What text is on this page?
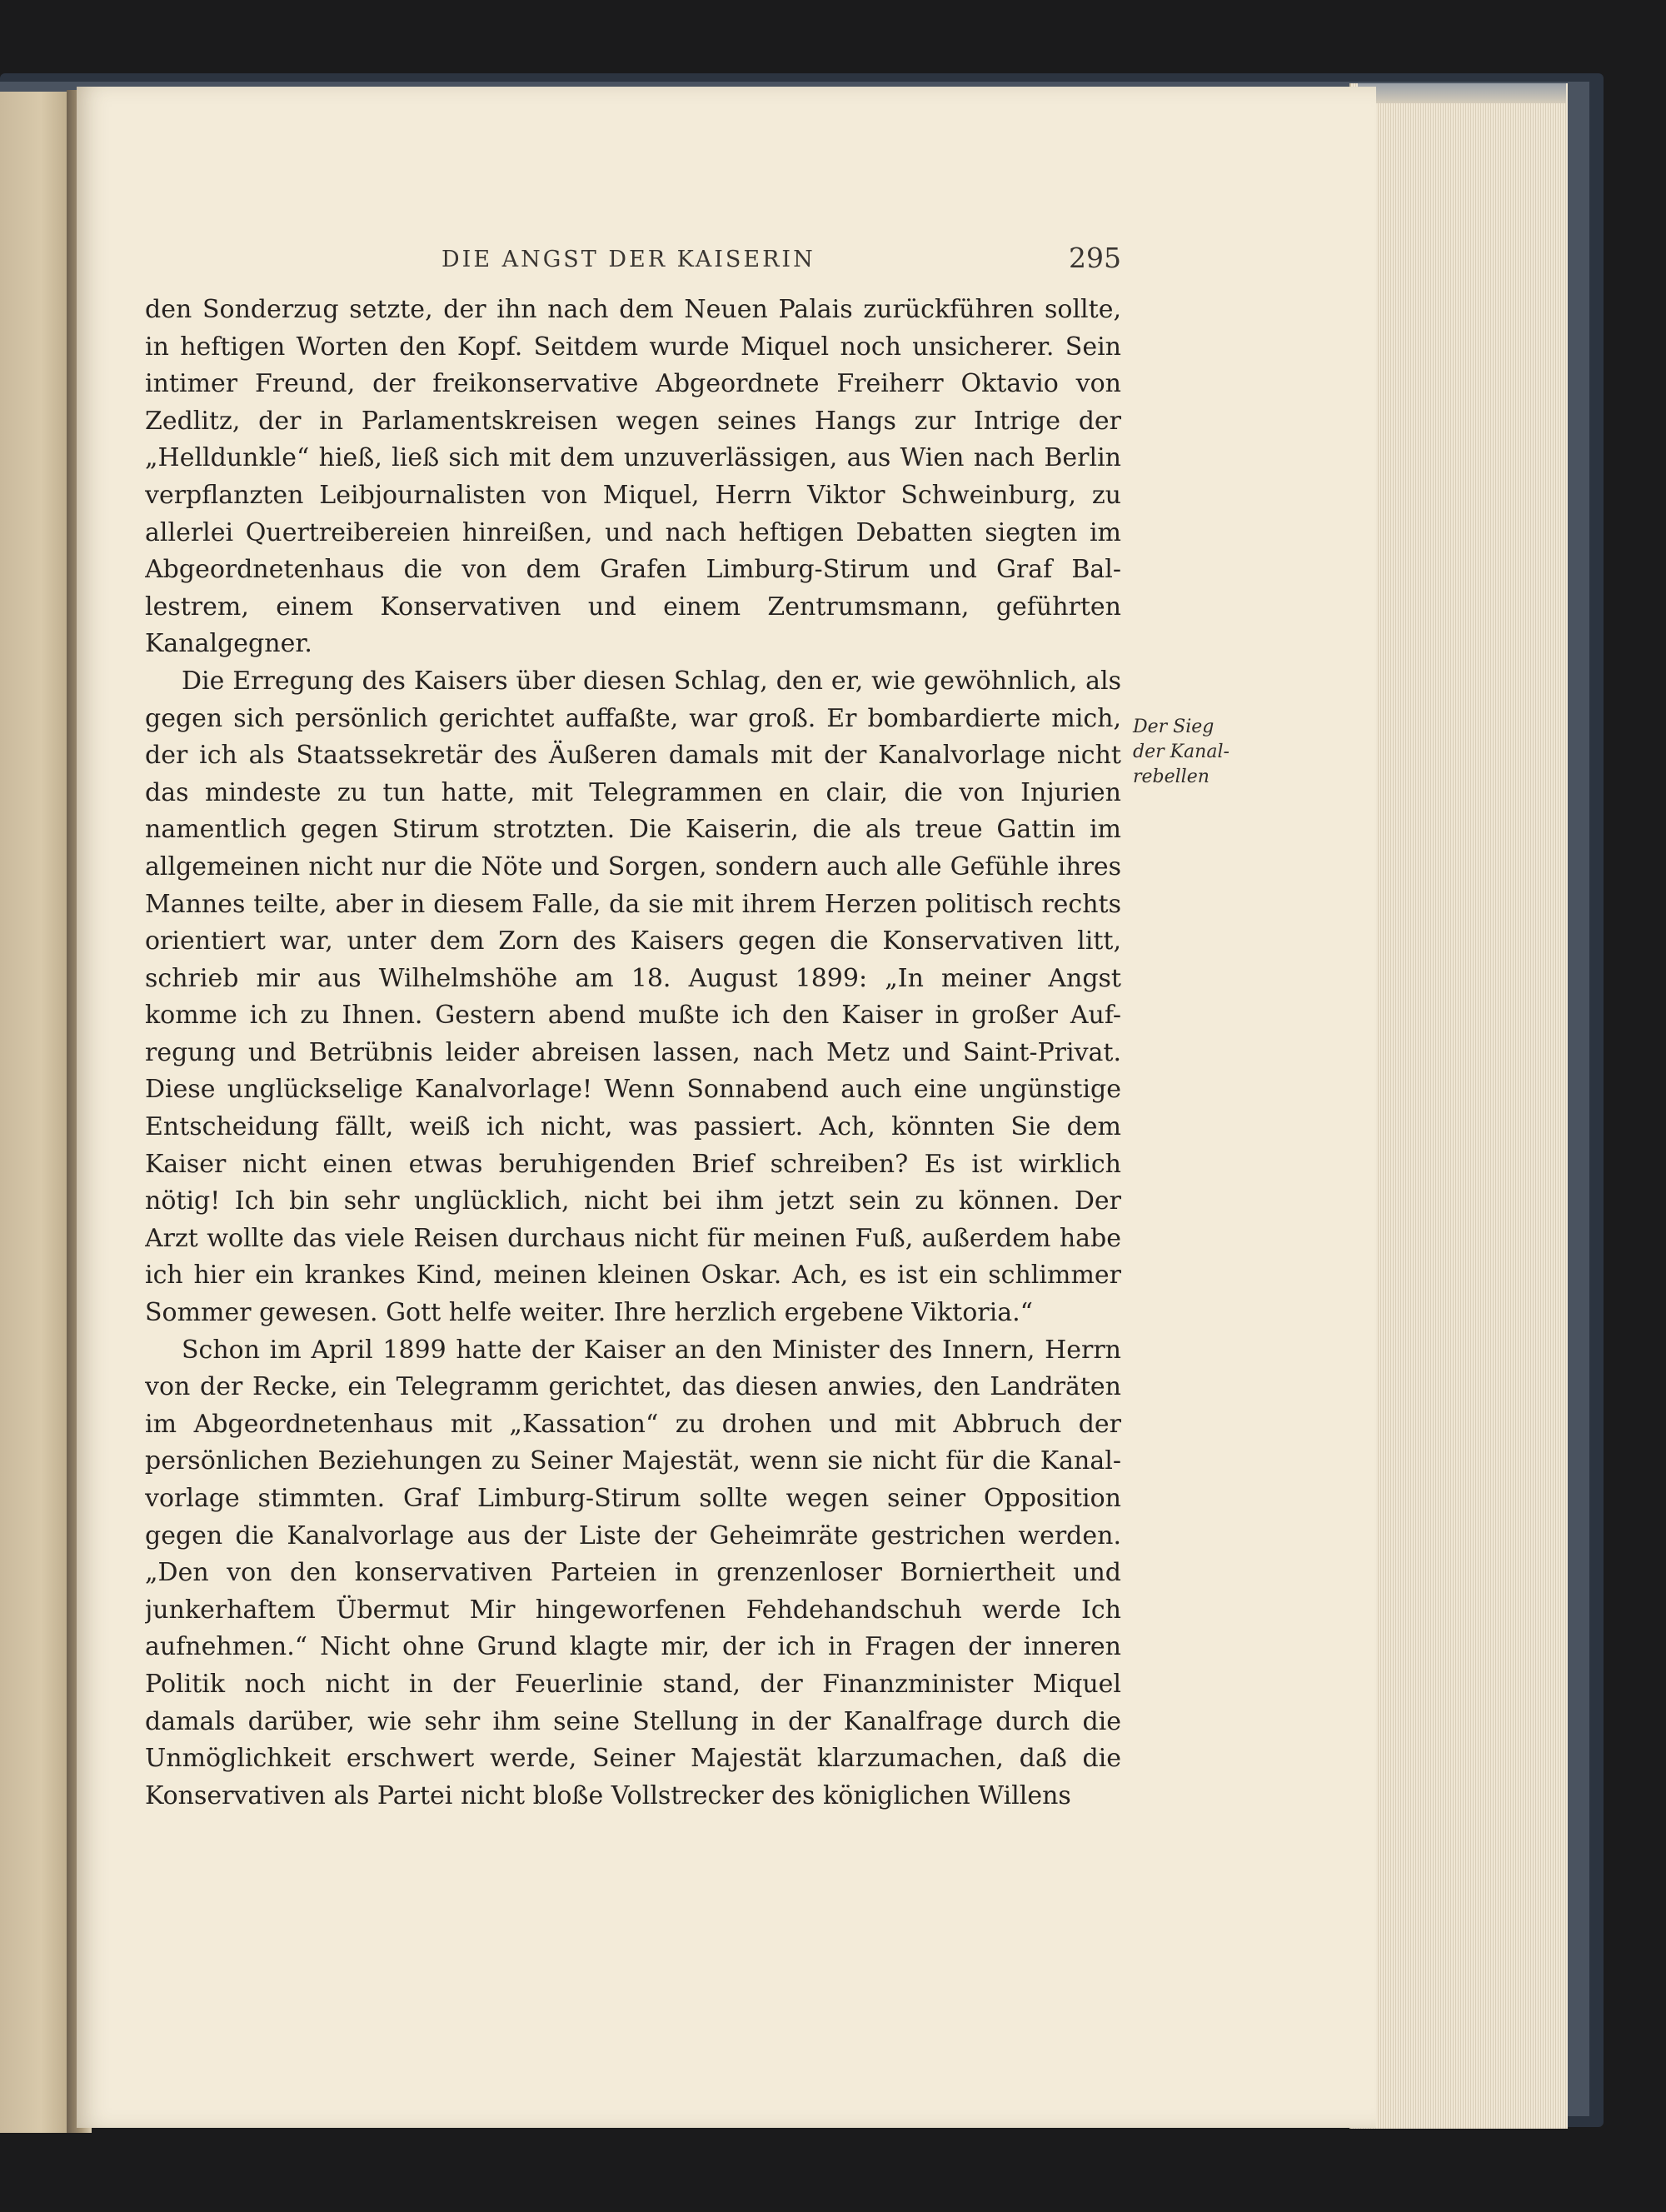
DIE ANGST DER KAISERIN	295
den Sonderzug setzte, der ihn nach dem Neuen Palais zurückführen sollte,
in heftigen Worten den Kopf. Seitdem wurde Miquel noch unsicherer. Sein
intimer Freund, der freikonservative Abgeordnete Freiherr Oktavio von
Zedlitz, der in Parlamentskreisen wegen seines Hangs zur Intrige der
„Helldunkle“ hieß, ließ sich mit dem unzuverlässigen, aus Wien nach Berlin
verpflanzten Leibjournalisten von Miquel, Herrn Viktor Schweinburg, zu
allerlei Quertreibereien hinreißen, und nach heftigen Debatten siegten im
Abgeordnetenhaus die von dem Grafen Limburg-Stirum und Graf Bal-
lestrem, einem Konservativen und einem Zentrumsmann, geführten
Kanalgegner.
Die Erregung des Kaisers über diesen Schlag, den er, wie gewöhnlich, als
gegen sich persönlich gerichtet auffaßte, war groß. Er bombardierte mich,
der ich als Staatssekretär des Äußeren damals mit der Kanalvorlage nicht
das mindeste zu tun hatte, mit Telegrammen en clair, die von Injurien
namentlich gegen Stirum strotzten. Die Kaiserin, die als treue Gattin im
allgemeinen nicht nur die Nöte und Sorgen, sondern auch alle Gefühle ihres
Mannes teilte, aber in diesem Falle, da sie mit ihrem Herzen politisch rechts
orientiert war, unter dem Zorn des Kaisers gegen die Konservativen litt,
schrieb mir aus Wilhelmshöhe am 18. August 1899: „In meiner Angst
komme ich zu Ihnen. Gestern abend mußte ich den Kaiser in großer Auf-
regung und Betrübnis leider abreisen lassen, nach Metz und Saint-Privat.
Diese unglückselige Kanalvorlage! Wenn Sonnabend auch eine ungünstige
Entscheidung fällt, weiß ich nicht, was passiert. Ach, könnten Sie dem
Kaiser nicht einen etwas beruhigenden Brief schreiben? Es ist wirklich
nötig! Ich bin sehr unglücklich, nicht bei ihm jetzt sein zu können. Der
Arzt wollte das viele Reisen durchaus nicht für meinen Fuß, außerdem habe
ich hier ein krankes Kind, meinen kleinen Oskar. Ach, es ist ein schlimmer
Sommer gewesen. Gott helfe weiter. Ihre herzlich ergebene Viktoria.“
Schon im April 1899 hatte der Kaiser an den Minister des Innern, Herrn
von der Recke, ein Telegramm gerichtet, das diesen anwies, den Landräten
im Abgeordnetenhaus mit „Kassation“ zu drohen und mit Abbruch der
persönlichen Beziehungen zu Seiner Majestät, wenn sie nicht für die Kanal-
vorlage stimmten. Graf Limburg-Stirum sollte wegen seiner Opposition
gegen die Kanalvorlage aus der Liste der Geheimräte gestrichen werden.
„Den von den konservativen Parteien in grenzenloser Borniertheit und
junkerhaftem Übermut Mir hingeworfenen Fehdehandschuh werde Ich
aufnehmen.“ Nicht ohne Grund klagte mir, der ich in Fragen der inneren
Politik noch nicht in der Feuerlinie stand, der Finanzminister Miquel
damals darüber, wie sehr ihm seine Stellung in der Kanalfrage durch die
Unmöglichkeit erschwert werde, Seiner Majestät klarzumachen, daß die
Konservativen als Partei nicht bloße Vollstrecker des königlichen Willens
Der Sieg
der Kanal-
rebellen
